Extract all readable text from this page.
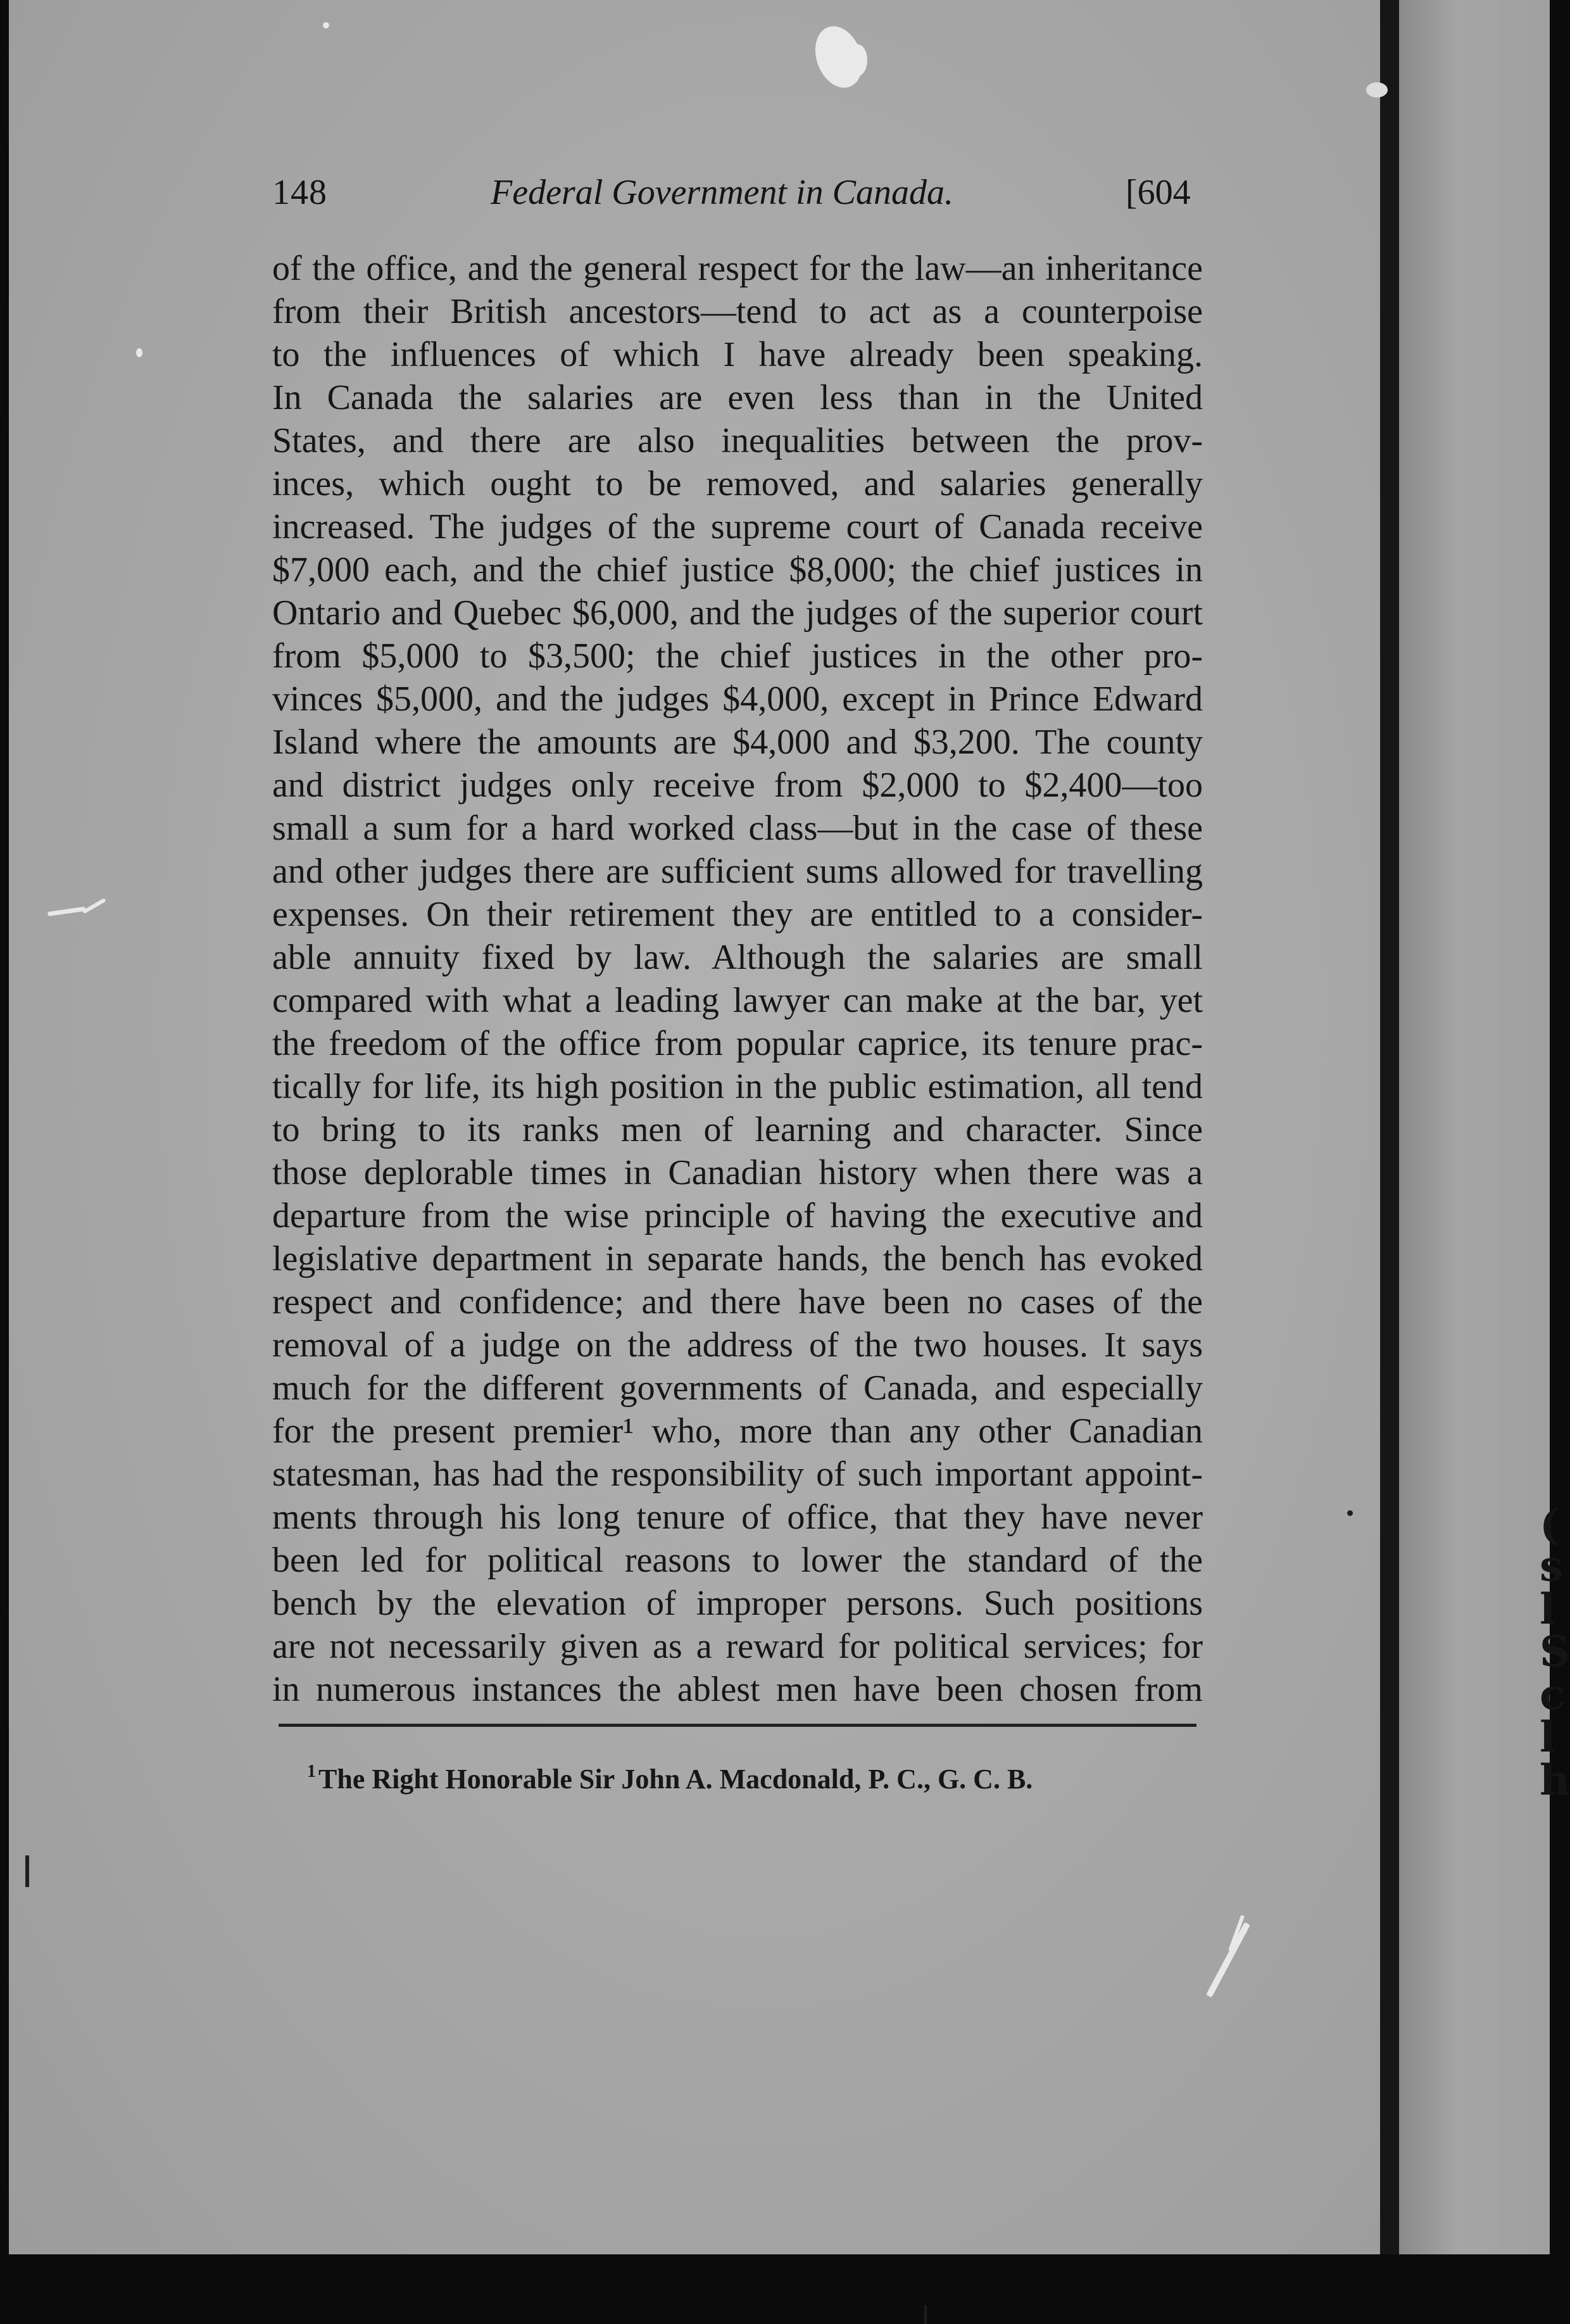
(
s
l
S
c
l
h
148	Federal Government in Canada.	[604
of the office, and the general respect for the law—an inheritance
from their British ancestors—tend to act as a counterpoise
to the influences of which I have already been speaking.
In Canada the salaries are even less than in the United
States, and there are also inequalities between the prov-
inces, which ought to be removed, and salaries generally
increased. The judges of the supreme court of Canada receive
$7,000 each, and the chief justice $8,000; the chief justices in
Ontario and Quebec $6,000, and the judges of the superior court
from $5,000 to $3,500; the chief justices in the other pro-
vinces $5,000, and the judges $4,000, except in Prince Edward
Island where the amounts are $4,000 and $3,200. The county
and district judges only receive from $2,000 to $2,400—too
small a sum for a hard worked class—but in the case of these
and other judges there are sufficient sums allowed for travelling
expenses. On their retirement they are entitled to a consider-
able annuity fixed by law. Although the salaries are small
compared with what a leading lawyer can make at the bar, yet
the freedom of the office from popular caprice, its tenure prac-
tically for life, its high position in the public estimation, all tend
to bring to its ranks men of learning and character. Since
those deplorable times in Canadian history when there was a
departure from the wise principle of having the executive and
legislative department in separate hands, the bench has evoked
respect and confidence; and there have been no cases of the
removal of a judge on the address of the two houses. It says
much for the different governments of Canada, and especially
for the present premier¹ who, more than any other Canadian
statesman, has had the responsibility of such important appoint-
ments through his long tenure of office, that they have never
been led for political reasons to lower the standard of the
bench by the elevation of improper persons. Such positions
are not necessarily given as a reward for political services; for
in numerous instances the ablest men have been chosen from
$^1$The Right Honorable Sir John A. Macdonald, P. C., G. C. B.
